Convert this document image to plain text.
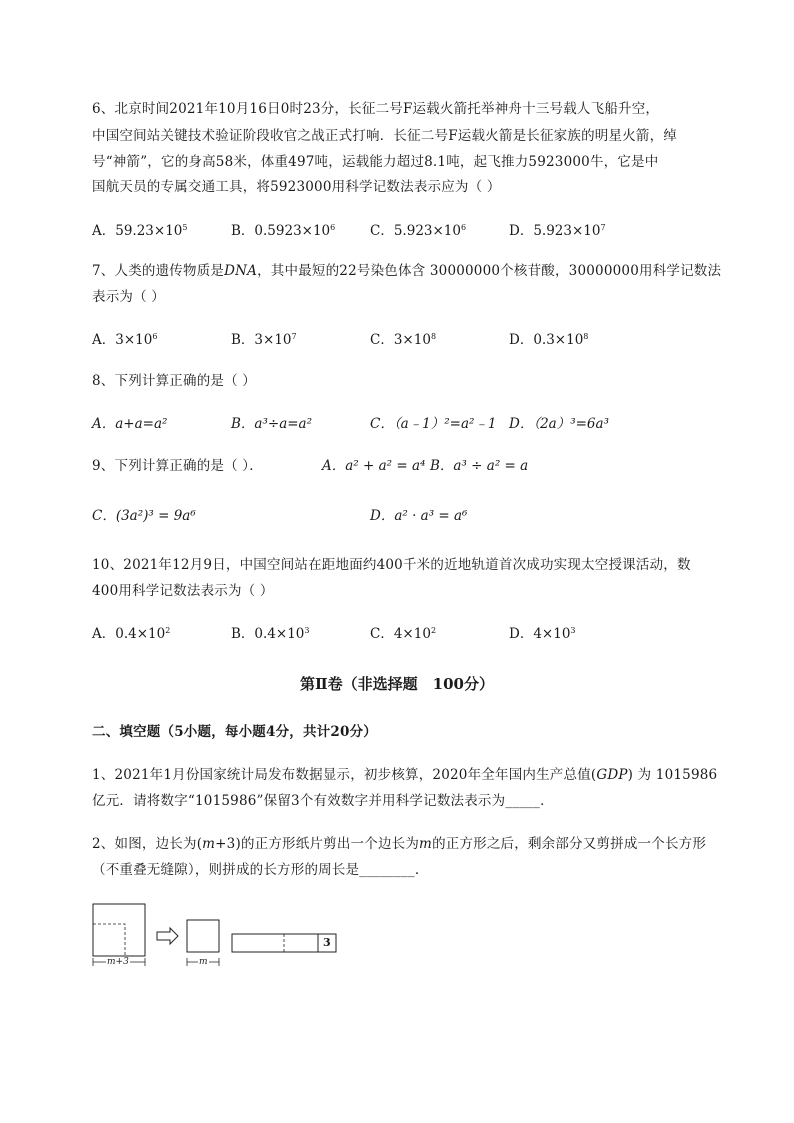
6、北京时间2021年10月16日0时23分，长征二号F运载火箭托举神舟十三号载人飞船升空，
中国空间站关键技术验证阶段收官之战正式打响．长征二号F运载火箭是长征家族的明星火箭，绰
号“神箭”，它的身高58米，体重497吨，运载能力超过8.1吨，起飞推力5923000牛，它是中
国航天员的专属交通工具，将5923000用科学记数法表示应为（ ）
A．$59.23\times 10^5$	B．$0.5923\times 10^6$	C．$5.923\times 10^6$	D．$5.923\times 10^7$
7、人类的遗传物质是DNA，其中最短的22号染色体含 30000000个核苷酸，30000000用科学记数法
表示为（ ）
A．$3\times 10^6$	B．$3\times 10^7$	C．$3\times 10^8$	D．$0.3\times 10^8$
8、下列计算正确的是（ ）
A．a+a=a²	B．a³÷a=a²	C．（a﹣1）²=a²﹣1 D．（2a）³=6a³
9、下列计算正确的是（ ）．	A．a² + a² = a⁴ B．a³ ÷ a² = a
C．(3a²)³ = 9a⁶	D．a² · a³ = a⁶
10、2021年12月9日，中国空间站在距地面约400千米的近地轨道首次成功实现太空授课活动，数
400用科学记数法表示为（ ）
A．$0.4\times 10^2$	B．$0.4\times 10^3$	C．$4\times 10^2$	D．$4\times 10^3$
第Ⅱ卷（非选择题　100分）
二、填空题（5小题，每小题4分，共计20分）
1、2021年1月份国家统计局发布数据显示，初步核算，2020年全年国内生产总值(GDP) 为 1015986
亿元．请将数字“1015986”保留3个有效数字并用科学记数法表示为_____．
2、如图，边长为(m+3)的正方形纸片剪出一个边长为m的正方形之后，剩余部分又剪拼成一个长方形
（不重叠无缝隙），则拼成的长方形的周长是________．
m+3	m
3
